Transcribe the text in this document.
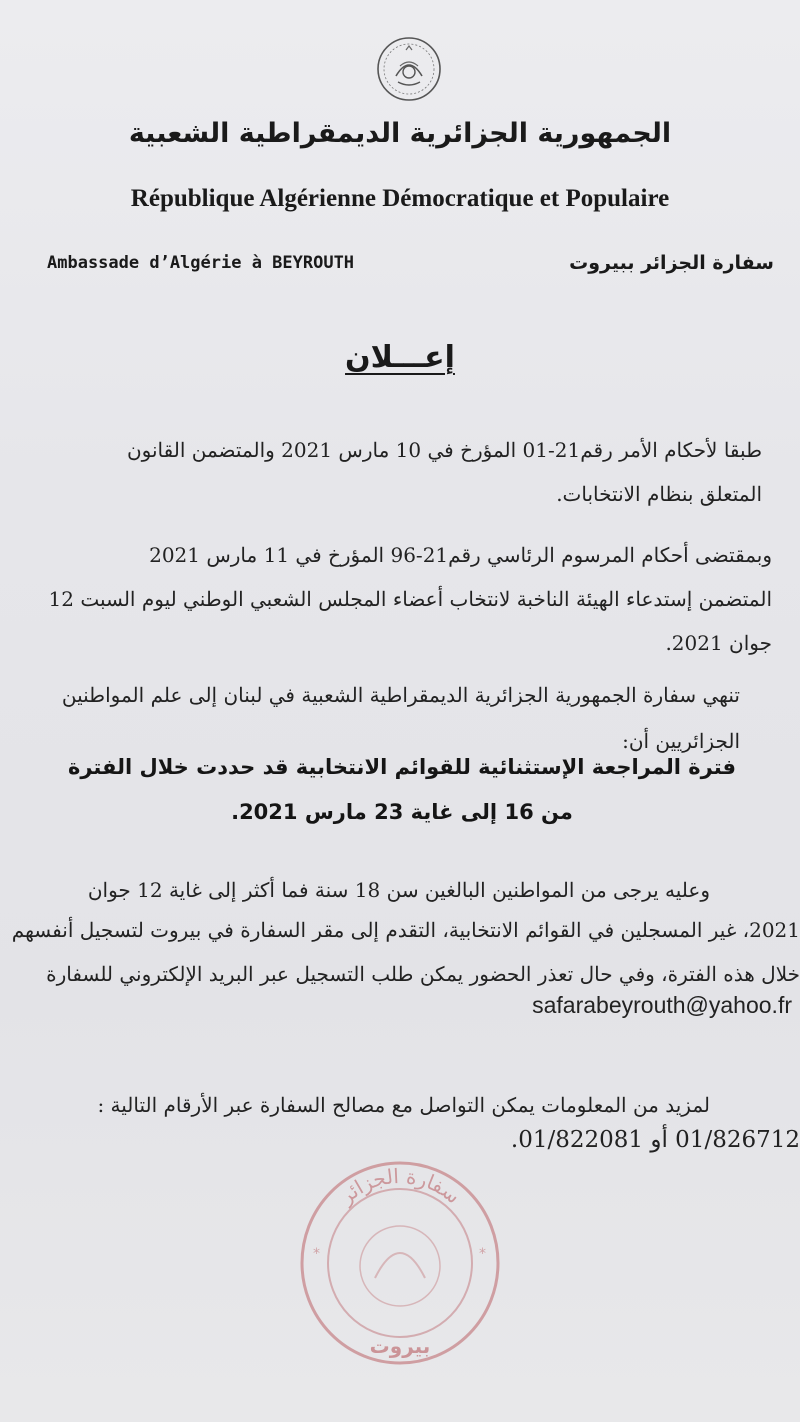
الجمهورية الجزائرية الديمقراطية الشعبية
République Algérienne Démocratique et Populaire
Ambassade d’Algérie à BEYROUTH	سفارة الجزائر ببيروت
إعـــلان
طبقا لأحكام الأمر رقم21-01 المؤرخ في 10 مارس 2021 والمتضمن القانون
المتعلق بنظام الانتخابات.
وبمقتضى أحكام المرسوم الرئاسي رقم21-96 المؤرخ في 11 مارس 2021
المتضمن إستدعاء الهيئة الناخبة لانتخاب أعضاء المجلس الشعبي الوطني ليوم السبت 12
جوان 2021.
تنهي سفارة الجمهورية الجزائرية الديمقراطية الشعبية في لبنان إلى علم المواطنين
الجزائريين أن:
فترة المراجعة الإستثنائية للقوائم الانتخابية قد حددت خلال الفترة
من 16 إلى غاية 23 مارس 2021.
وعليه يرجى من المواطنين البالغين سن 18 سنة فما أكثر إلى غاية 12 جوان
2021، غير المسجلين في القوائم الانتخابية، التقدم إلى مقر السفارة في بيروت لتسجيل أنفسهم
خلال هذه الفترة، وفي حال تعذر الحضور يمكن طلب التسجيل عبر البريد الإلكتروني للسفارة
safarabeyrouth@yahoo.fr
لمزيد من المعلومات يمكن التواصل مع مصالح السفارة عبر الأرقام التالية :
01/826712 أو 01/822081.
سفارة الجزائر
بيروت
*	*
